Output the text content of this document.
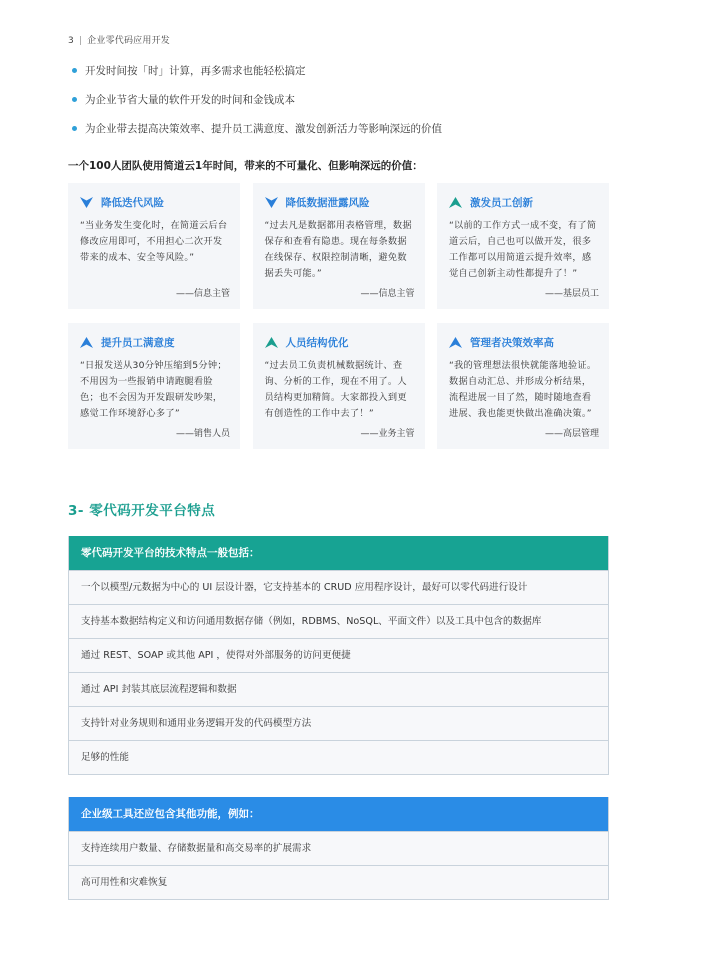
3 | 企业零代码应用开发
开发时间按「时」计算，再多需求也能轻松搞定
为企业节省大量的软件开发的时间和金钱成本
为企业带去提高决策效率、提升员工满意度、激发创新活力等影响深远的价值
一个100人团队使用简道云1年时间，带来的不可量化、但影响深远的价值：
降低迭代风险
“当业务发生变化时，在简道云后台修改应用即可，不用担心二次开发带来的成本、安全等风险。”
——信息主管
降低数据泄露风险
“过去凡是数据都用表格管理，数据保存和查看有隐患。现在每条数据在线保存、权限控制清晰，避免数据丢失可能。”
——信息主管
激发员工创新
“以前的工作方式一成不变，有了简道云后，自己也可以做开发，很多工作都可以用简道云提升效率，感觉自己创新主动性都提升了！”
——基层员工
提升员工满意度
“日报发送从30分钟压缩到5分钟；不用因为一些报销申请跑腿看脸色；也不会因为开发跟研发吵架，感觉工作环境舒心多了”
——销售人员
人员结构优化
“过去员工负责机械数据统计、查询、分析的工作，现在不用了。人员结构更加精简。大家都投入到更有创造性的工作中去了！”
——业务主管
管理者决策效率高
“我的管理想法很快就能落地验证。数据自动汇总、并形成分析结果，流程进展一目了然，随时随地查看进展、我也能更快做出准确决策。”
——高层管理
3- 零代码开发平台特点
零代码开发平台的技术特点一般包括：
一个以模型/元数据为中心的 UI 层设计器，它支持基本的 CRUD 应用程序设计，最好可以零代码进行设计
支持基本数据结构定义和访问通用数据存储（例如，RDBMS、NoSQL、平面文件）以及工具中包含的数据库
通过 REST、SOAP 或其他 API ，使得对外部服务的访问更便捷
通过 API 封装其底层流程逻辑和数据
支持针对业务规则和通用业务逻辑开发的代码模型方法
足够的性能
企业级工具还应包含其他功能，例如：
支持连续用户数量、存储数据量和高交易率的扩展需求
高可用性和灾难恢复
